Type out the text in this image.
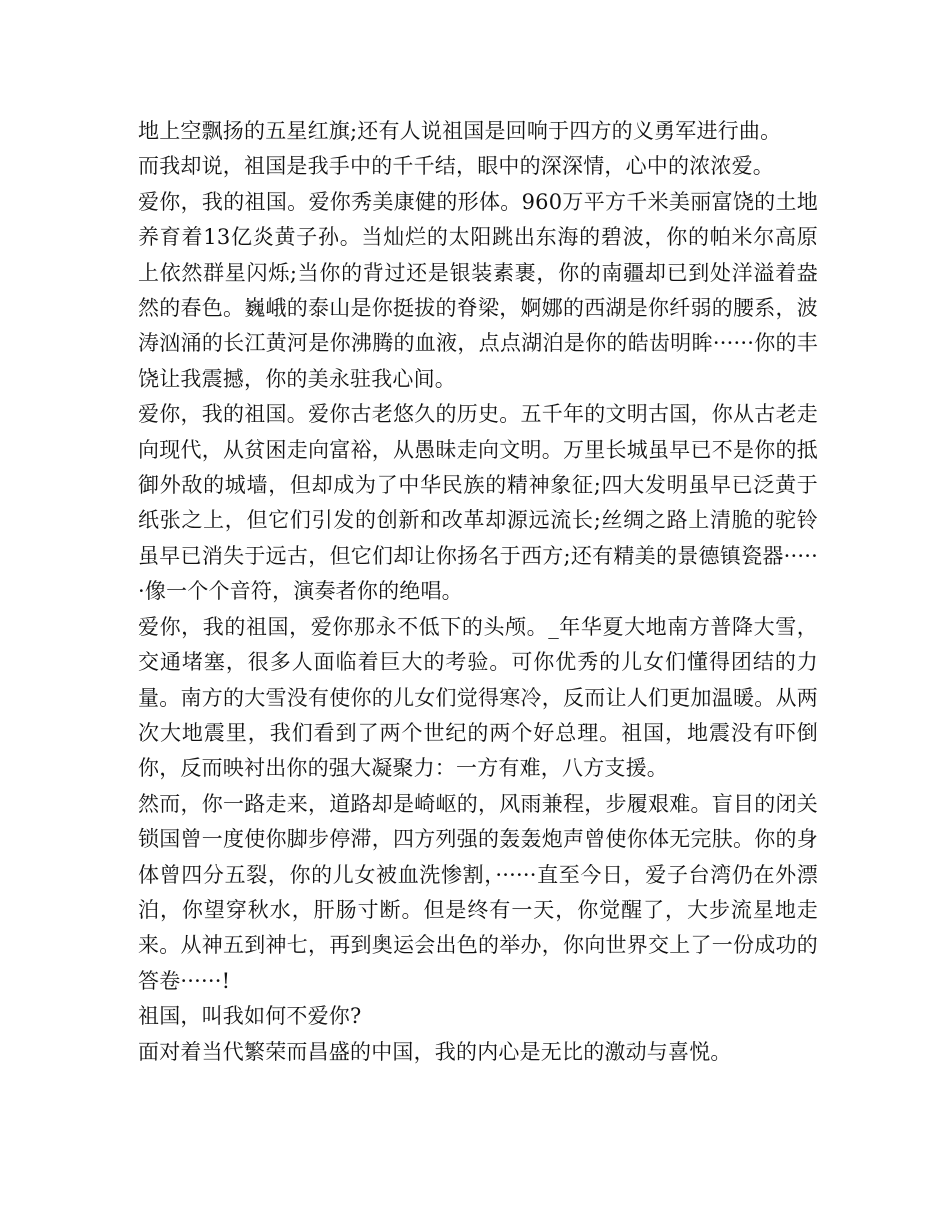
地上空飘扬的五星红旗;还有人说祖国是回响于四方的义勇军进行曲。

而我却说，祖国是我手中的千千结，眼中的深深情，心中的浓浓爱。

爱你，我的祖国。爱你秀美康健的形体。960万平方千米美丽富饶的土地养育着13亿炎黄子孙。当灿烂的太阳跳出东海的碧波，你的帕米尔高原上依然群星闪烁;当你的背过还是银装素裹，你的南疆却已到处洋溢着盎然的春色。巍峨的泰山是你挺拔的脊梁，婀娜的西湖是你纤弱的腰系，波涛汹涌的长江黄河是你沸腾的血液，点点湖泊是你的皓齿明眸······你的丰饶让我震撼，你的美永驻我心间。

爱你，我的祖国。爱你古老悠久的历史。五千年的文明古国，你从古老走向现代，从贫困走向富裕，从愚昧走向文明。万里长城虽早已不是你的抵御外敌的城墙，但却成为了中华民族的精神象征;四大发明虽早已泛黄于纸张之上，但它们引发的创新和改革却源远流长;丝绸之路上清脆的驼铃虽早已消失于远古，但它们却让你扬名于西方;还有精美的景德镇瓷器······像一个个音符，演奏者你的绝唱。

爱你，我的祖国，爱你那永不低下的头颅。_年华夏大地南方普降大雪，交通堵塞，很多人面临着巨大的考验。可你优秀的儿女们懂得团结的力量。南方的大雪没有使你的儿女们觉得寒冷，反而让人们更加温暖。从两次大地震里，我们看到了两个世纪的两个好总理。祖国，地震没有吓倒你，反而映衬出你的强大凝聚力：一方有难，八方支援。

然而，你一路走来，道路却是崎岖的，风雨兼程，步履艰难。盲目的闭关锁国曾一度使你脚步停滞，四方列强的轰轰炮声曾使你体无完肤。你的身体曾四分五裂，你的儿女被血洗惨割，······直至今日，爱子台湾仍在外漂泊，你望穿秋水，肝肠寸断。但是终有一天，你觉醒了，大步流星地走来。从神五到神七，再到奥运会出色的举办，你向世界交上了一份成功的答卷······!

祖国，叫我如何不爱你?

面对着当代繁荣而昌盛的中国，我的内心是无比的激动与喜悦。
